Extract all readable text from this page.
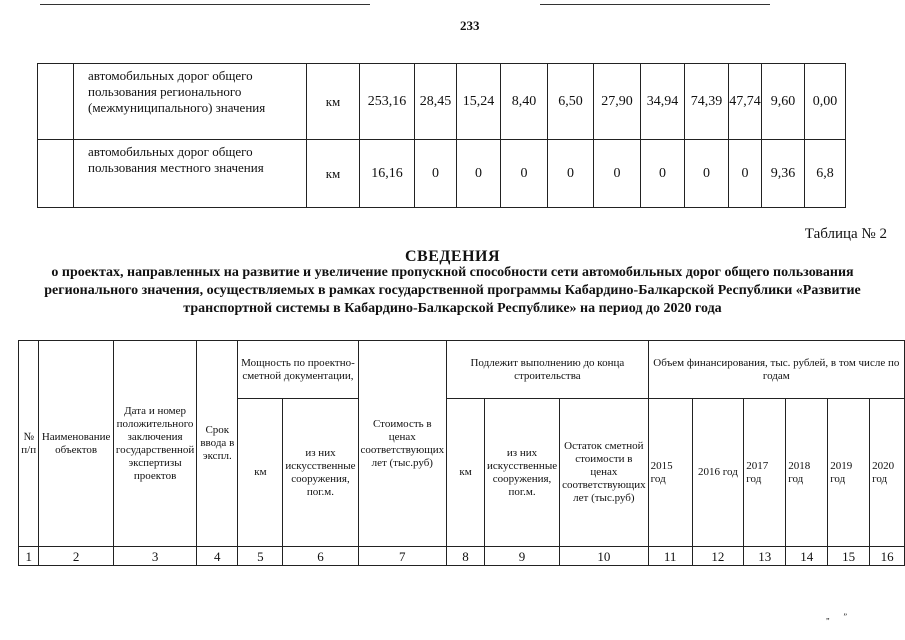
233
	автомобильных дорог общего пользования регионального (межмуниципального) значения	км	253,16	28,45	15,24	8,40	6,50	27,90	34,94	74,39	47,74	9,60	0,00
	автомобильных дорог общего пользования местного значения	км	16,16	0	0	0	0	0	0	0	0	9,36	6,8
Таблица № 2
СВЕДЕНИЯ
о проектах, направленных на развитие и увеличение пропускной способности сети автомобильных дорог общего пользования регионального значения, осуществляемых в рамках государственной программы Кабардино-Балкарской Республики «Развитие транспортной системы в Кабардино-Балкарской Республике» на период до 2020 года
№ п/п	Наименование объектов	Дата и номер положительного заключения государственной экспертизы проектов	Срок ввода в экспл.	Мощность по проектно-сметной документации,		Стоимость в ценах соответствующих лет (тыс.руб)	Подлежит выполнению до конца строительства			Объем финансирования, тыс. рублей, в том числе по годам					
				км	из них искусственные сооружения, пог.м.		км	из них искусственные сооружения, пог.м.	Остаток сметной стоимости в ценах соответствующих лет (тыс.руб)	2015 год	2016 год	2017 год	2018 год	2019 год	2020 год
1	2	3	4	5	6	7	8	9	10	11	12	13	14	15	16
„ ”
